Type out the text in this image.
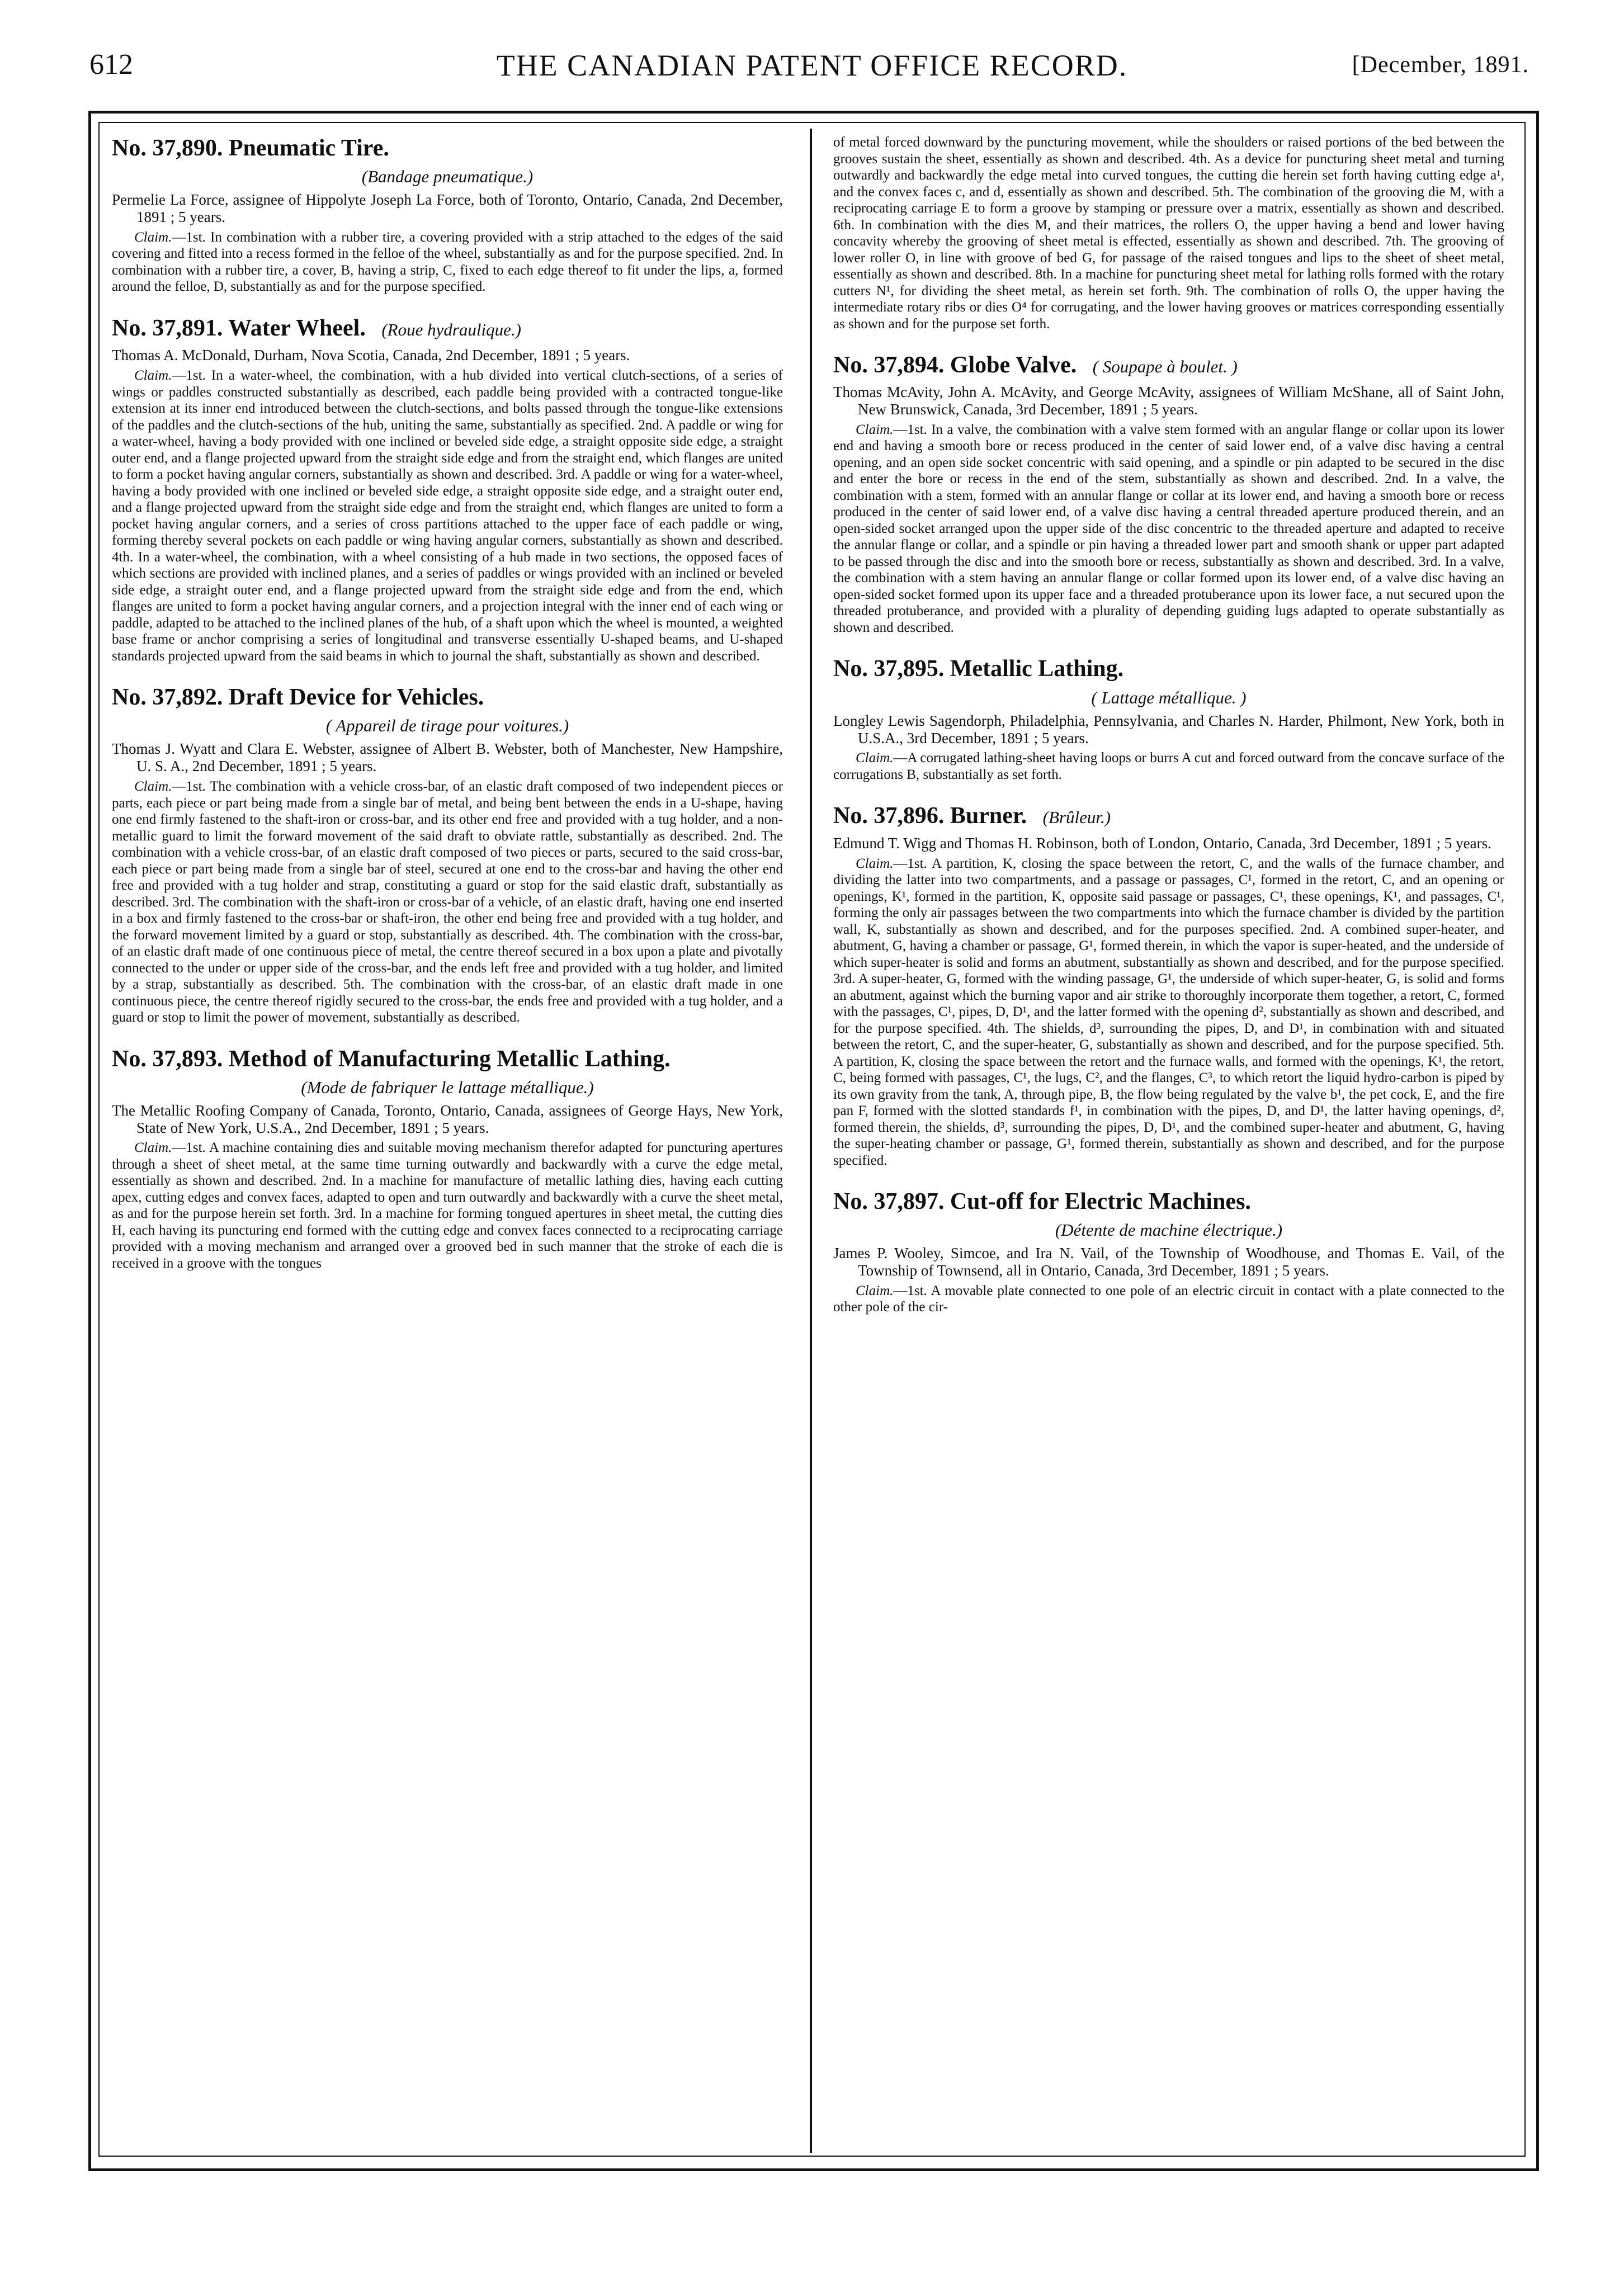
612	THE CANADIAN PATENT OFFICE RECORD.	[December, 1891.
No. 37,890. Pneumatic Tire.
(Bandage pneumatique.)

Permelie La Force, assignee of Hippolyte Joseph La Force, both of Toronto, Ontario, Canada, 2nd December, 1891 ; 5 years.

Claim.—1st. In combination with a rubber tire, a covering provided with a strip attached to the edges of the said covering and fitted into a recess formed in the felloe of the wheel, substantially as and for the purpose specified. 2nd. In combination with a rubber tire, a cover, B, having a strip, C, fixed to each edge thereof to fit under the lips, a, formed around the felloe, D, substantially as and for the purpose specified.

No. 37,891. Water Wheel. (Roue hydraulique.)

Thomas A. McDonald, Durham, Nova Scotia, Canada, 2nd December, 1891 ; 5 years.

Claim.—1st. In a water-wheel, the combination, with a hub divided into vertical clutch-sections, of a series of wings or paddles constructed substantially as described, each paddle being provided with a contracted tongue-like extension at its inner end introduced between the clutch-sections, and bolts passed through the tongue-like extensions of the paddles and the clutch-sections of the hub, uniting the same, substantially as specified. 2nd. A paddle or wing for a water-wheel, having a body provided with one inclined or beveled side edge, a straight opposite side edge, a straight outer end, and a flange projected upward from the straight side edge and from the straight end, which flanges are united to form a pocket having angular corners, substantially as shown and described. 3rd. A paddle or wing for a water-wheel, having a body provided with one inclined or beveled side edge, a straight opposite side edge, and a straight outer end, and a flange projected upward from the straight side edge and from the straight end, which flanges are united to form a pocket having angular corners, and a series of cross partitions attached to the upper face of each paddle or wing, forming thereby several pockets on each paddle or wing having angular corners, substantially as shown and described. 4th. In a water-wheel, the combination, with a wheel consisting of a hub made in two sections, the opposed faces of which sections are provided with inclined planes, and a series of paddles or wings provided with an inclined or beveled side edge, a straight outer end, and a flange projected upward from the straight side edge and from the end, which flanges are united to form a pocket having angular corners, and a projection integral with the inner end of each wing or paddle, adapted to be attached to the inclined planes of the hub, of a shaft upon which the wheel is mounted, a weighted base frame or anchor comprising a series of longitudinal and transverse essentially U-shaped beams, and U-shaped standards projected upward from the said beams in which to journal the shaft, substantially as shown and described.

No. 37,892. Draft Device for Vehicles.
( Appareil de tirage pour voitures.)

Thomas J. Wyatt and Clara E. Webster, assignee of Albert B. Webster, both of Manchester, New Hampshire, U. S. A., 2nd December, 1891 ; 5 years.

Claim.—1st. The combination with a vehicle cross-bar, of an elastic draft composed of two independent pieces or parts, each piece or part being made from a single bar of metal, and being bent between the ends in a U-shape, having one end firmly fastened to the shaft-iron or cross-bar, and its other end free and provided with a tug holder, and a non-metallic guard to limit the forward movement of the said draft to obviate rattle, substantially as described. 2nd. The combination with a vehicle cross-bar, of an elastic draft composed of two pieces or parts, secured to the said cross-bar, each piece or part being made from a single bar of steel, secured at one end to the cross-bar and having the other end free and provided with a tug holder and strap, constituting a guard or stop for the said elastic draft, substantially as described. 3rd. The combination with the shaft-iron or cross-bar of a vehicle, of an elastic draft, having one end inserted in a box and firmly fastened to the cross-bar or shaft-iron, the other end being free and provided with a tug holder, and the forward movement limited by a guard or stop, substantially as described. 4th. The combination with the cross-bar, of an elastic draft made of one continuous piece of metal, the centre thereof secured in a box upon a plate and pivotally connected to the under or upper side of the cross-bar, and the ends left free and provided with a tug holder, and limited by a strap, substantially as described. 5th. The combination with the cross-bar, of an elastic draft made in one continuous piece, the centre thereof rigidly secured to the cross-bar, the ends free and provided with a tug holder, and a guard or stop to limit the power of movement, substantially as described.

No. 37,893. Method of Manufacturing Metallic Lathing.
(Mode de fabriquer le lattage métallique.)

The Metallic Roofing Company of Canada, Toronto, Ontario, Canada, assignees of George Hays, New York, State of New York, U.S.A., 2nd December, 1891 ; 5 years.

Claim.—1st. A machine containing dies and suitable moving mechanism therefor adapted for puncturing apertures through a sheet of sheet metal, at the same time turning outwardly and backwardly with a curve the edge metal, essentially as shown and described. 2nd. In a machine for manufacture of metallic lathing dies, having each cutting apex, cutting edges and convex faces, adapted to open and turn outwardly and backwardly with a curve the sheet metal, as and for the purpose herein set forth. 3rd. In a machine for forming tongued apertures in sheet metal, the cutting dies H, each having its puncturing end formed with the cutting edge and convex faces connected to a reciprocating carriage provided with a moving mechanism and arranged over a grooved bed in such manner that the stroke of each die is received in a groove with the tongues

of metal forced downward by the puncturing movement, while the shoulders or raised portions of the bed between the grooves sustain the sheet, essentially as shown and described. 4th. As a device for puncturing sheet metal and turning outwardly and backwardly the edge metal into curved tongues, the cutting die herein set forth having cutting edge a¹, and the convex faces c, and d, essentially as shown and described. 5th. The combination of the grooving die M, with a reciprocating carriage E to form a groove by stamping or pressure over a matrix, essentially as shown and described. 6th. In combination with the dies M, and their matrices, the rollers O, the upper having a bend and lower having concavity whereby the grooving of sheet metal is effected, essentially as shown and described. 7th. The grooving of lower roller O, in line with groove of bed G, for passage of the raised tongues and lips to the sheet of sheet metal, essentially as shown and described. 8th. In a machine for puncturing sheet metal for lathing rolls formed with the rotary cutters N¹, for dividing the sheet metal, as herein set forth. 9th. The combination of rolls O, the upper having the intermediate rotary ribs or dies O⁴ for corrugating, and the lower having grooves or matrices corresponding essentially as shown and for the purpose set forth.

No. 37,894. Globe Valve. ( Soupape à boulet. )

Thomas McAvity, John A. McAvity, and George McAvity, assignees of William McShane, all of Saint John, New Brunswick, Canada, 3rd December, 1891 ; 5 years.

Claim.—1st. In a valve, the combination with a valve stem formed with an angular flange or collar upon its lower end and having a smooth bore or recess produced in the center of said lower end, of a valve disc having a central opening, and an open side socket concentric with said opening, and a spindle or pin adapted to be secured in the disc and enter the bore or recess in the end of the stem, substantially as shown and described. 2nd. In a valve, the combination with a stem, formed with an annular flange or collar at its lower end, and having a smooth bore or recess produced in the center of said lower end, of a valve disc having a central threaded aperture produced therein, and an open-sided socket arranged upon the upper side of the disc concentric to the threaded aperture and adapted to receive the annular flange or collar, and a spindle or pin having a threaded lower part and smooth shank or upper part adapted to be passed through the disc and into the smooth bore or recess, substantially as shown and described. 3rd. In a valve, the combination with a stem having an annular flange or collar formed upon its lower end, of a valve disc having an open-sided socket formed upon its upper face and a threaded protuberance upon its lower face, a nut secured upon the threaded protuberance, and provided with a plurality of depending guiding lugs adapted to operate substantially as shown and described.

No. 37,895. Metallic Lathing.
( Lattage métallique. )

Longley Lewis Sagendorph, Philadelphia, Pennsylvania, and Charles N. Harder, Philmont, New York, both in U.S.A., 3rd December, 1891 ; 5 years.

Claim.—A corrugated lathing-sheet having loops or burrs A cut and forced outward from the concave surface of the corrugations B, substantially as set forth.

No. 37,896. Burner. (Brûleur.)

Edmund T. Wigg and Thomas H. Robinson, both of London, Ontario, Canada, 3rd December, 1891 ; 5 years.

Claim.—1st. A partition, K, closing the space between the retort, C, and the walls of the furnace chamber, and dividing the latter into two compartments, and a passage or passages, C¹, formed in the retort, C, and an opening or openings, K¹, formed in the partition, K, opposite said passage or passages, C¹, these openings, K¹, and passages, C¹, forming the only air passages between the two compartments into which the furnace chamber is divided by the partition wall, K, substantially as shown and described, and for the purposes specified. 2nd. A combined super-heater, and abutment, G, having a chamber or passage, G¹, formed therein, in which the vapor is super-heated, and the underside of which super-heater is solid and forms an abutment, substantially as shown and described, and for the purpose specified. 3rd. A super-heater, G, formed with the winding passage, G¹, the underside of which super-heater, G, is solid and forms an abutment, against which the burning vapor and air strike to thoroughly incorporate them together, a retort, C, formed with the passages, C¹, pipes, D, D¹, and the latter formed with the opening d², substantially as shown and described, and for the purpose specified. 4th. The shields, d³, surrounding the pipes, D, and D¹, in combination with and situated between the retort, C, and the super-heater, G, substantially as shown and described, and for the purpose specified. 5th. A partition, K, closing the space between the retort and the furnace walls, and formed with the openings, K¹, the retort, C, being formed with passages, C¹, the lugs, C², and the flanges, C³, to which retort the liquid hydro-carbon is piped by its own gravity from the tank, A, through pipe, B, the flow being regulated by the valve b¹, the pet cock, E, and the fire pan F, formed with the slotted standards f¹, in combination with the pipes, D, and D¹, the latter having openings, d², formed therein, the shields, d³, surrounding the pipes, D, D¹, and the combined super-heater and abutment, G, having the super-heating chamber or passage, G¹, formed therein, substantially as shown and described, and for the purpose specified.

No. 37,897. Cut-off for Electric Machines.
(Détente de machine électrique.)

James P. Wooley, Simcoe, and Ira N. Vail, of the Township of Woodhouse, and Thomas E. Vail, of the Township of Townsend, all in Ontario, Canada, 3rd December, 1891 ; 5 years.

Claim.—1st. A movable plate connected to one pole of an electric circuit in contact with a plate connected to the other pole of the cir-
